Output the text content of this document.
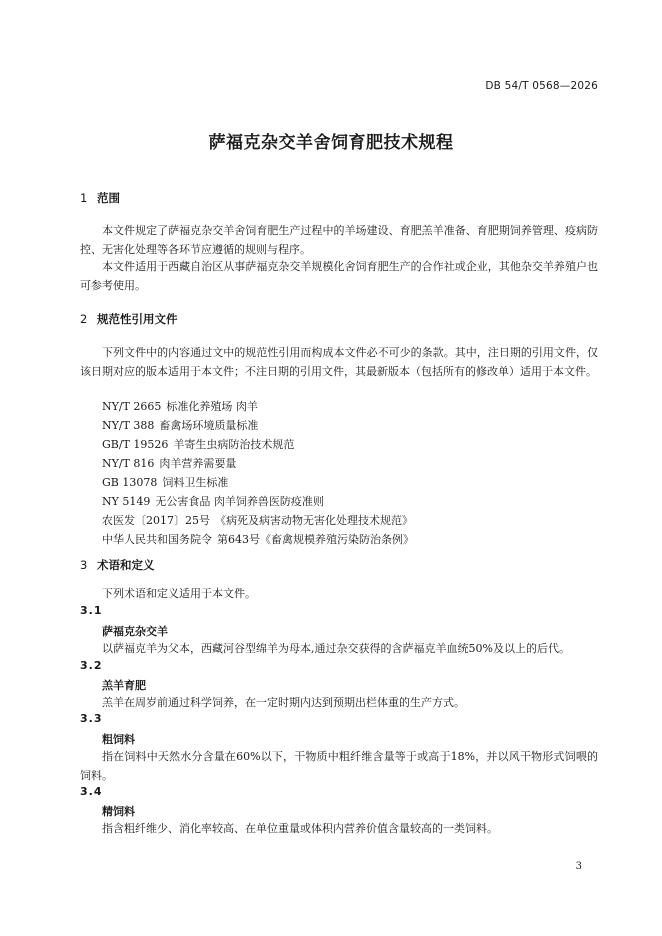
DB 54/T 0568—2026
萨福克杂交羊舍饲育肥技术规程
1 范围

本文件规定了萨福克杂交羊舍饲育肥生产过程中的羊场建设、育肥羔羊准备、育肥期饲养管理、疫病防控、无害化处理等各环节应遵循的规则与程序。

本文件适用于西藏自治区从事萨福克杂交羊规模化舍饲育肥生产的合作社或企业，其他杂交羊养殖户也可参考使用。

2 规范性引用文件

下列文件中的内容通过文中的规范性引用而构成本文件必不可少的条款。其中，注日期的引用文件，仅该日期对应的版本适用于本文件；不注日期的引用文件，其最新版本（包括所有的修改单）适用于本文件。

NY/T 2665 标准化养殖场 肉羊
NY/T 388 畜禽场环境质量标准
GB/T 19526 羊寄生虫病防治技术规范
NY/T 816 肉羊营养需要量
GB 13078 饲料卫生标准
NY 5149 无公害食品 肉羊饲养兽医防疫准则
农医发〔2017〕25号 《病死及病害动物无害化处理技术规范》
中华人民共和国务院令 第643号《畜禽规模养殖污染防治条例》
3 术语和定义

下列术语和定义适用于本文件。

3.1
萨福克杂交羊

以萨福克羊为父本，西藏河谷型绵羊为母本,通过杂交获得的含萨福克羊血统50%及以上的后代。

3.2
羔羊育肥

羔羊在周岁前通过科学饲养，在一定时期内达到预期出栏体重的生产方式。

3.3
粗饲料

指在饲料中天然水分含量在60%以下，干物质中粗纤维含量等于或高于18%，并以风干物形式饲喂的饲料。

3.4
精饲料

指含粗纤维少、消化率较高、在单位重量或体积内营养价值含量较高的一类饲料。

3
